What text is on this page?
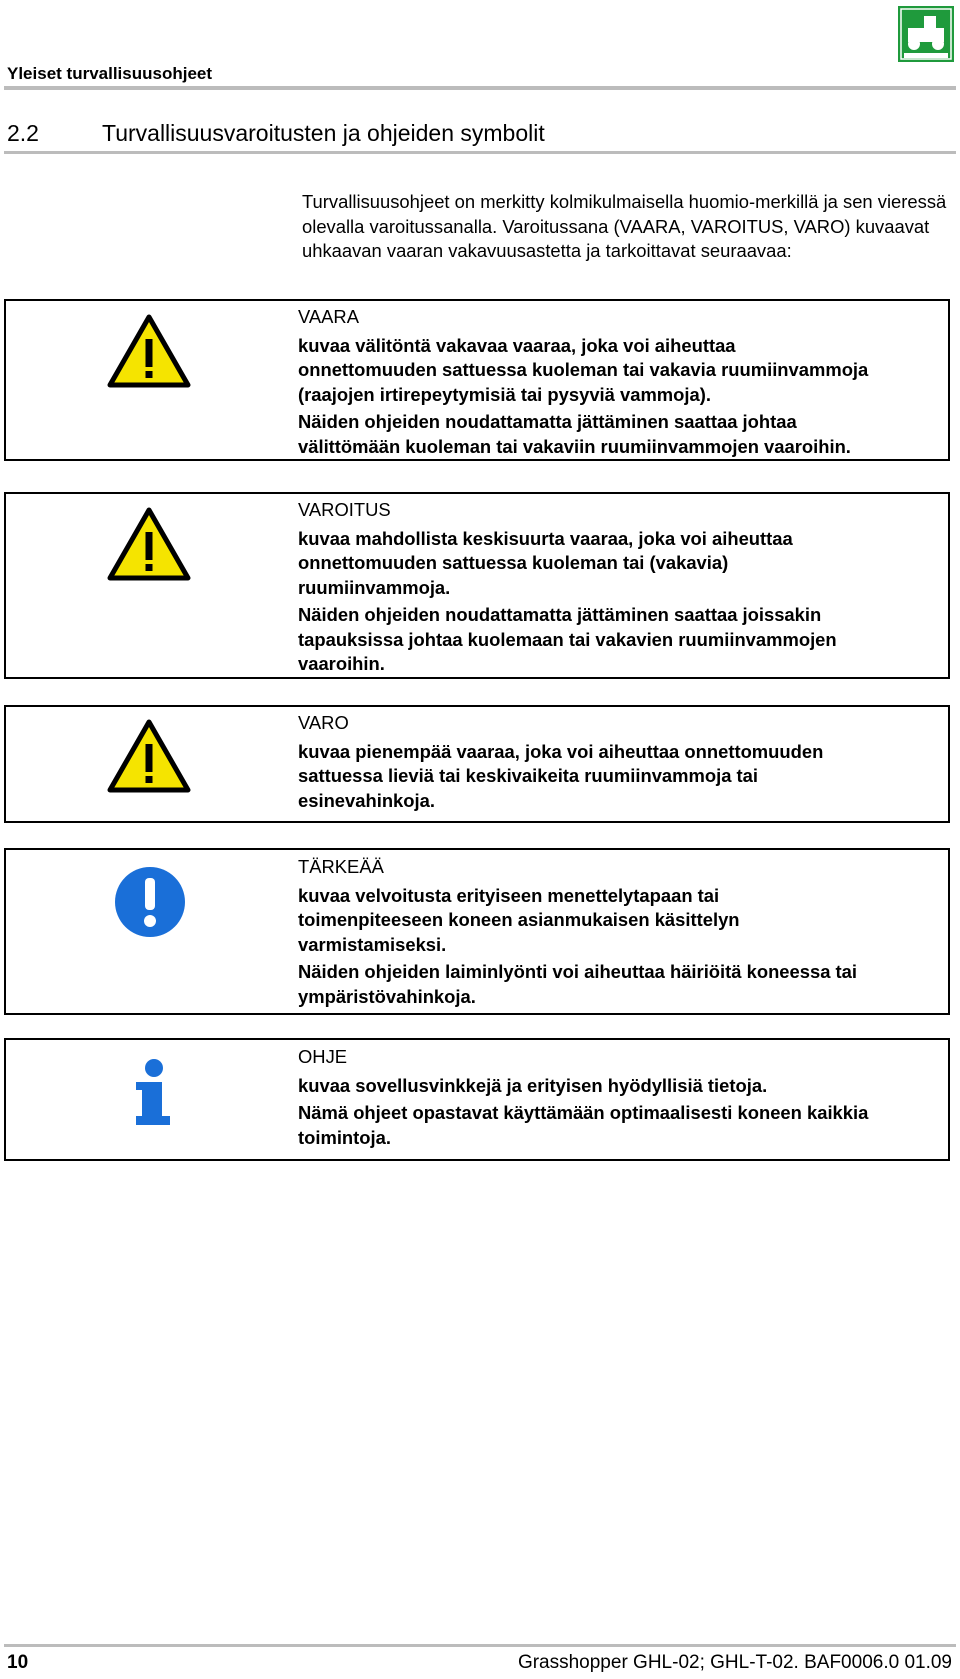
Yleiset turvallisuusohjeet
2.2	Turvallisuusvaroitusten ja ohjeiden symbolit
Turvallisuusohjeet on merkitty kolmikulmaisella huomio-merkillä ja sen vieressä olevalla varoitussanalla. Varoitussana (VAARA, VAROITUS, VARO) kuvaavat uhkaavan vaaran vakavuusastetta ja tarkoittavat seuraavaa:
VAARA
kuvaa välitöntä vakavaa vaaraa, joka voi aiheuttaa
onnettomuuden sattuessa kuoleman tai vakavia ruumiinvammoja
(raajojen irtirepeytymisiä tai pysyviä vammoja).
Näiden ohjeiden noudattamatta jättäminen saattaa johtaa
välittömään kuoleman tai vakaviin ruumiinvammojen vaaroihin.
VAROITUS
kuvaa mahdollista keskisuurta vaaraa, joka voi aiheuttaa
onnettomuuden sattuessa kuoleman tai (vakavia)
ruumiinvammoja.
Näiden ohjeiden noudattamatta jättäminen saattaa joissakin
tapauksissa johtaa kuolemaan tai vakavien ruumiinvammojen
vaaroihin.
VARO
kuvaa pienempää vaaraa, joka voi aiheuttaa onnettomuuden
sattuessa lieviä tai keskivaikeita ruumiinvammoja tai
esinevahinkoja.
TÄRKEÄÄ
kuvaa velvoitusta erityiseen menettelytapaan tai
toimenpiteeseen koneen asianmukaisen käsittelyn
varmistamiseksi.
Näiden ohjeiden laiminlyönti voi aiheuttaa häiriöitä koneessa tai
ympäristövahinkoja.
OHJE
kuvaa sovellusvinkkejä ja erityisen hyödyllisiä tietoja.
Nämä ohjeet opastavat käyttämään optimaalisesti koneen kaikkia
toimintoja.
10	Grasshopper GHL-02; GHL-T-02. BAF0006.0 01.09
